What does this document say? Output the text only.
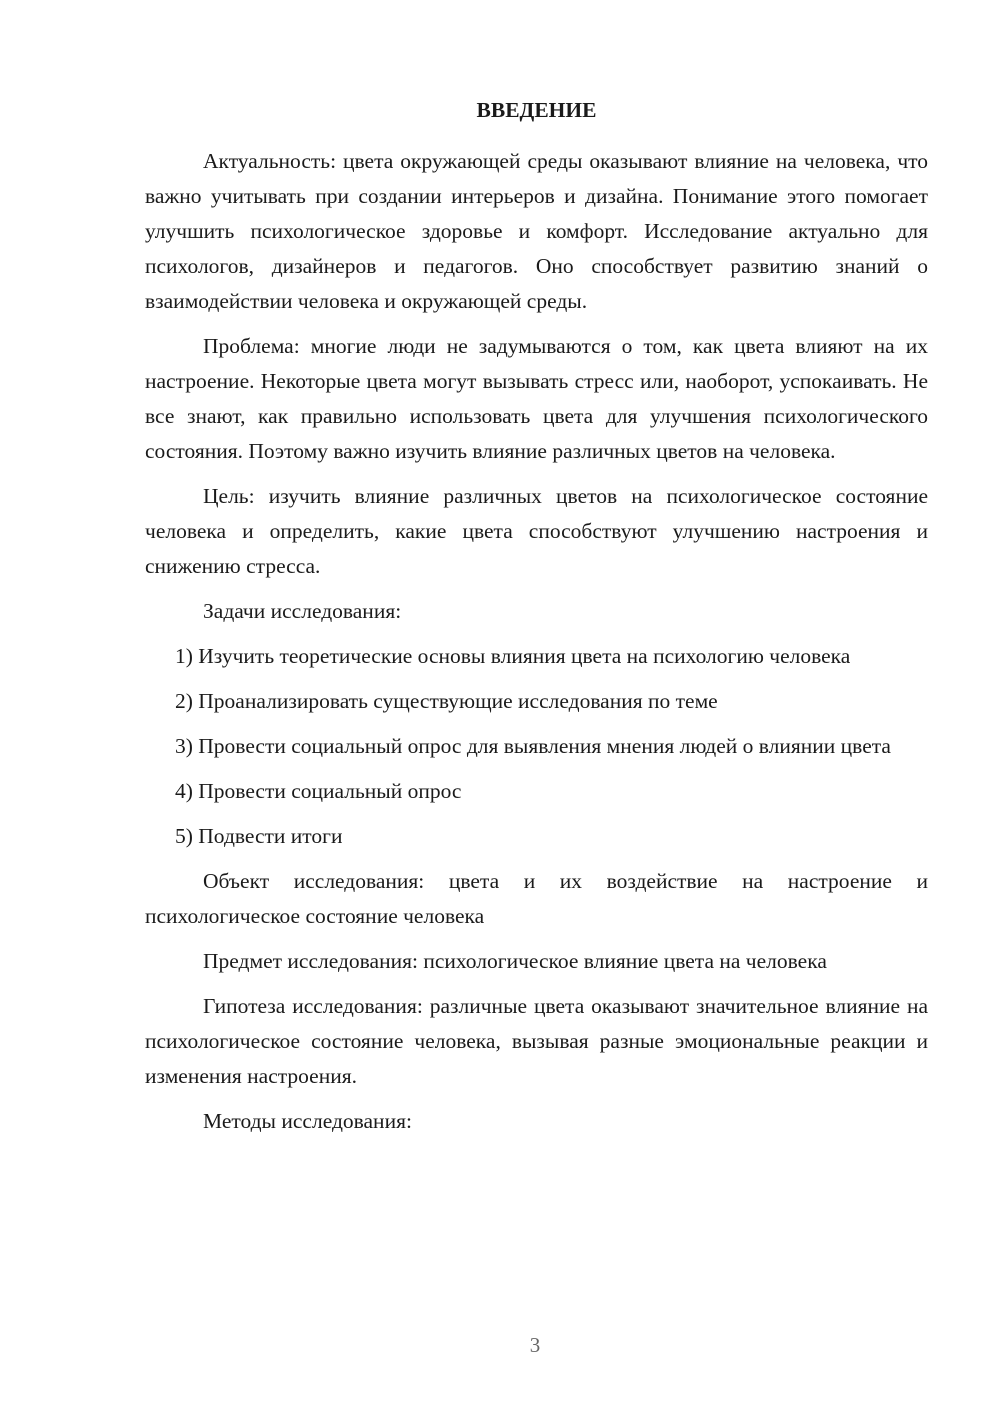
ВВЕДЕНИЕ

Актуальность: цвета окружающей среды оказывают влияние на человека, что важно учитывать при создании интерьеров и дизайна. Понимание этого помогает улучшить психологическое здоровье и комфорт. Исследование актуально для психологов, дизайнеров и педагогов. Оно способствует развитию знаний о взаимодействии человека и окружающей среды.

Проблема: многие люди не задумываются о том, как цвета влияют на их настроение. Некоторые цвета могут вызывать стресс или, наоборот, успокаивать. Не все знают, как правильно использовать цвета для улучшения психологического состояния. Поэтому важно изучить влияние различных цветов на человека.

Цель: изучить влияние различных цветов на психологическое состояние человека и определить, какие цвета способствуют улучшению настроения и снижению стресса.

Задачи исследования:

1) Изучить теоретические основы влияния цвета на психологию человека

2) Проанализировать существующие исследования по теме

3) Провести социальный опрос для выявления мнения людей о влиянии цвета

4) Провести социальный опрос

5) Подвести итоги

Объект исследования: цвета и их воздействие на настроение и психологическое состояние человека

Предмет исследования: психологическое влияние цвета на человека

Гипотеза исследования: различные цвета оказывают значительное влияние на психологическое состояние человека, вызывая разные эмоциональные реакции и изменения настроения.

Методы исследования:

3
